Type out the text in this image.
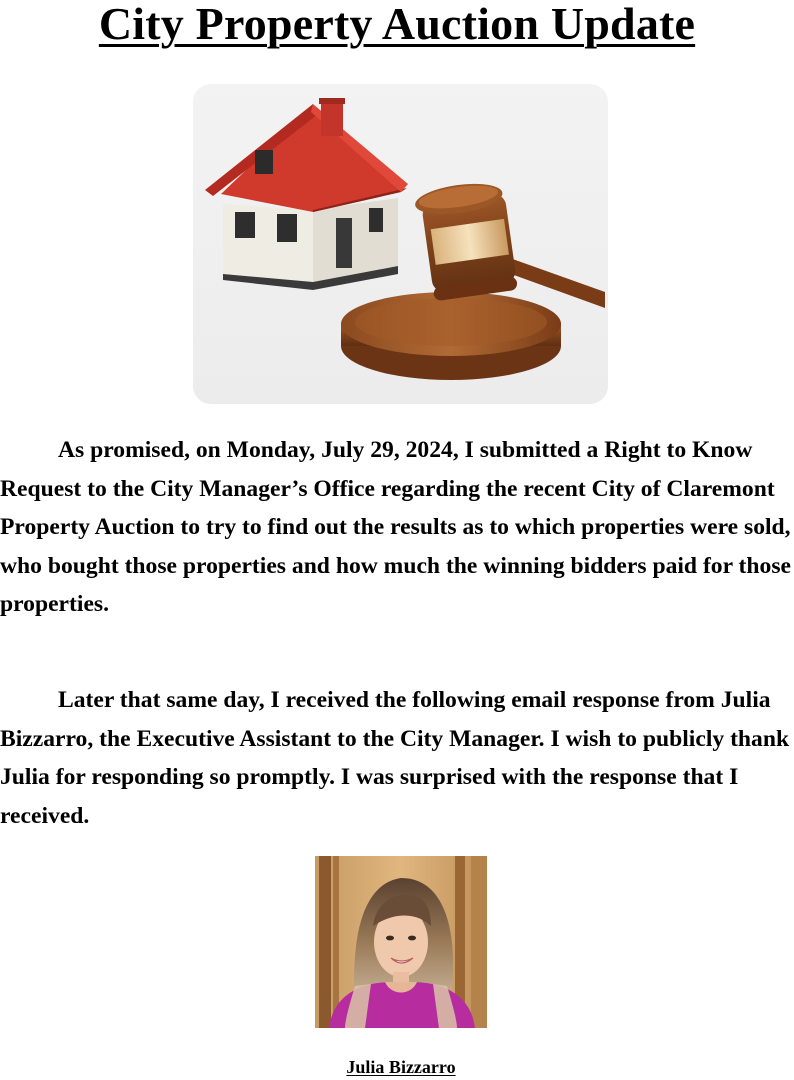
City Property Auction Update

As promised, on Monday, July 29, 2024, I submitted a Right to Know Request to the City Manager’s Office regarding the recent City of Claremont Property Auction to try to find out the results as to which properties were sold, who bought those properties and how much the winning bidders paid for those properties.

Later that same day, I received the following email response from Julia Bizzarro, the Executive Assistant to the City Manager. I wish to publicly thank Julia for responding so promptly. I was surprised with the response that I received.

Julia Bizzarro
